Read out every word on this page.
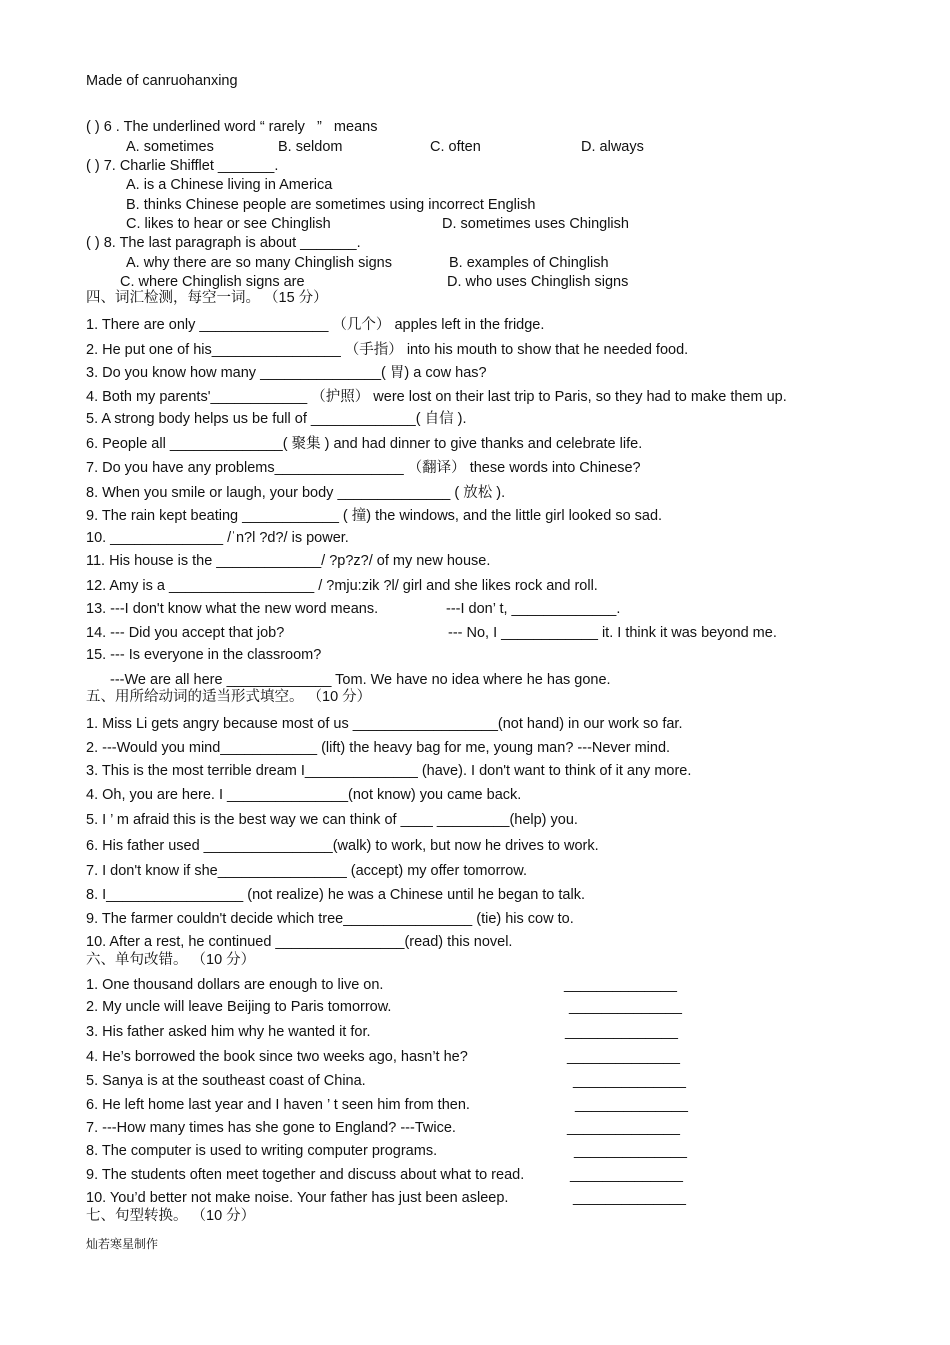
Made of canruohanxing
( ) 6 . The underlined word “ rarely   ”   means
A. sometimes	B. seldom	C. often	D. always
( ) 7. Charlie Shifflet _______.
A. is a Chinese living in America
B. thinks Chinese people are sometimes using incorrect English
C. likes to hear or see Chinglish	D. sometimes uses Chinglish
( ) 8. The last paragraph is about _______.
A. why there are so many Chinglish signs	B. examples of Chinglish
C. where Chinglish signs are	D. who uses Chinglish signs
四、词汇检测，每空一词。 （15 分）
1. There are only ________________ （几个） apples left in the fridge.
2. He put one of his________________ （手指） into his mouth to show that he needed food.
3. Do you know how many _______________( 胃) a cow has?
4. Both my parents'____________ （护照） were lost on their last trip to Paris, so they had to make them up.
5. A strong body helps us be full of _____________( 自信 ).
6. People all ______________( 聚集 ) and had dinner to give thanks and celebrate life.
7. Do you have any problems________________ （翻译） these words into Chinese?
8. When you smile or laugh, your body ______________ ( 放松 ).
9. The rain kept beating ____________ ( 撞) the windows, and the little girl looked so sad.
10. ______________ /ˈn?l ?d?/ is power.
11. His house is the _____________/ ?p?z?/ of my new house.
12. Amy is a __________________ / ?mju:zik ?l/ girl and she likes rock and roll.
13. ---I don't know what the new word means.	---I don’ t, _____________.
14. --- Did you accept that job?	--- No, I ____________ it. I think it was beyond me.
15. --- Is everyone in the classroom?
---We are all here _____________ Tom. We have no idea where he has gone.
五、用所给动词的适当形式填空。 （10 分）
1. Miss Li gets angry because most of us __________________(not hand) in our work so far.
2. ---Would you mind____________ (lift) the heavy bag for me, young man? ---Never mind.
3. This is the most terrible dream I______________ (have). I don't want to think of it any more.
4. Oh, you are here. I _______________(not know) you came back.
5. I ’ m afraid this is the best way we can think of ____ _________(help) you.
6. His father used ________________(walk) to work, but now he drives to work.
7. I don't know if she________________ (accept) my offer tomorrow.
8. I_________________ (not realize) he was a Chinese until he began to talk.
9. The farmer couldn't decide which tree________________ (tie) his cow to.
10. After a rest, he continued ________________(read) this novel.
六、单句改错。 （10 分）
1. One thousand dollars are enough to live on.	______________
2. My uncle will leave Beijing to Paris tomorrow.	______________
3. His father asked him why he wanted it for.	______________
4. He’s borrowed the book since two weeks ago, hasn’t he?	______________
5. Sanya is at the southeast coast of China.	______________
6. He left home last year and I haven ’ t seen him from then.	______________
7. ---How many times has she gone to England? ---Twice.	______________
8. The computer is used to writing computer programs.	______________
9. The students often meet together and discuss about what to read.	______________
10. You’d better not make noise. Your father has just been asleep.	______________
七、句型转换。 （10 分）
灿若寒星制作
